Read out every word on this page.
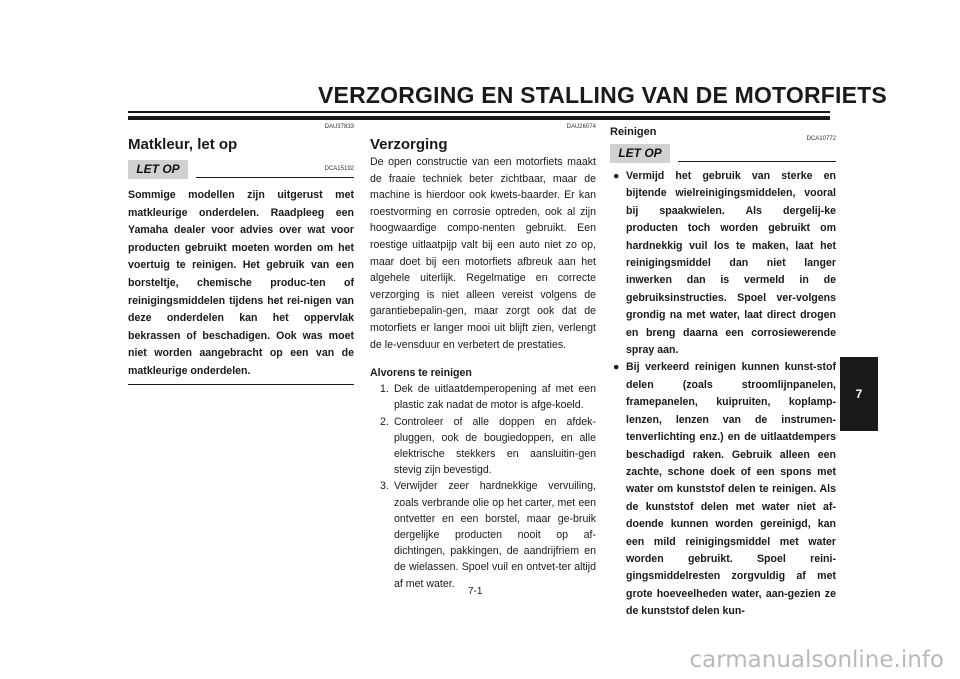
VERZORGING EN STALLING VAN DE MOTORFIETS
DAU37833
Matkleur, let op
LET OP	DCA15192

Sommige modellen zijn uitgerust met matkleurige onderdelen. Raadpleeg een Yamaha dealer voor advies over wat voor producten gebruikt moeten worden om het voertuig te reinigen. Het gebruik van een borsteltje, chemische produc-ten of reinigingsmiddelen tijdens het rei-nigen van deze onderdelen kan het oppervlak bekrassen of beschadigen. Ook was moet niet worden aangebracht op een van de matkleurige onderdelen.

DAU26074
Verzorging

De open constructie van een motorfiets maakt de fraaie techniek beter zichtbaar, maar de machine is hierdoor ook kwets-baarder. Er kan roestvorming en corrosie optreden, ook al zijn hoogwaardige compo-nenten gebruikt. Een roestige uitlaatpijp valt bij een auto niet zo op, maar doet bij een motorfiets afbreuk aan het algehele uiterlijk. Regelmatige en correcte verzorging is niet alleen vereist volgens de garantiebepalin-gen, maar zorgt ook dat de motorfiets er langer mooi uit blijft zien, verlengt de le-vensduur en verbetert de prestaties.

Alvorens te reinigen
1. Dek de uitlaatdemperopening af met een plastic zak nadat de motor is afge-koeld.
2. Controleer of alle doppen en afdek-pluggen, ook de bougiedoppen, en alle elektrische stekkers en aansluitin-gen stevig zijn bevestigd.
3. Verwijder zeer hardnekkige vervuiling, zoals verbrande olie op het carter, met een ontvetter en een borstel, maar ge-bruik dergelijke producten nooit op af-dichtingen, pakkingen, de aandrijfriem en de wielassen. Spoel vuil en ontvet-ter altijd af met water.
Reinigen
LET OP
DCA10772
● Vermijd het gebruik van sterke en bijtende wielreinigingsmiddelen, vooral bij spaakwielen. Als dergelij-ke producten toch worden gebruikt om hardnekkig vuil los te maken, laat het reinigingsmiddel dan niet langer inwerken dan is vermeld in de gebruiksinstructies. Spoel ver-volgens grondig na met water, laat direct drogen en breng daarna een corrosiewerende spray aan.
● Bij verkeerd reinigen kunnen kunst-stof delen (zoals stroomlijnpanelen, framepanelen, kuipruiten, koplamp-lenzen, lenzen van de instrumen-tenverlichting enz.) en de uitlaatdempers beschadigd raken. Gebruik alleen een zachte, schone doek of een spons met water om kunststof delen te reinigen. Als de kunststof delen met water niet af-doende kunnen worden gereinigd, kan een mild reinigingsmiddel met water worden gebruikt. Spoel reini-gingsmiddelresten zorgvuldig af met grote hoeveelheden water, aan-gezien ze de kunststof delen kun-
7-1
7
carmanualsonline.info
